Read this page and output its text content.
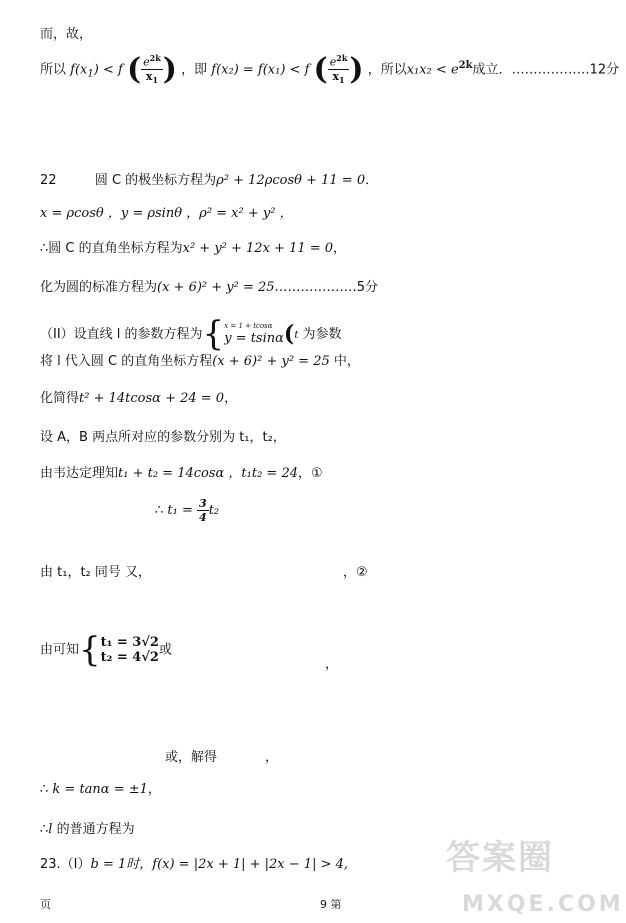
而，故，
所以 $f(x_1) < f$ ( $\frac{e^{2k}}{x_1}$ ) ，即 f(x₂) = f(x₁) < f ( $\frac{e^{2k}}{x_1}$ ) ，所以$x_1x_2 < e^{2k}$成立．………………12分
22	圆 C 的极坐标方程为ρ² + 12ρcosθ + 11 = 0．
x = ρcosθ ，y = ρsinθ ，ρ² = x² + y² ，
∴圆 C 的直角坐标方程为x² + y² + 12x + 11 = 0，
化为圆的标准方程为(x + 6)² + y² = 25.………………5分
（II）设直线 l 的参数方程为{ x = 1 + tcosα
y = tsinα (t 为参数
将 l 代入圆 C 的直角坐标方程(x + 6)² + y² = 25 中，
化简得t² + 14tcosα + 24 = 0，
设 A，B 两点所对应的参数分别为 t₁，t₂，
由韦达定理知t₁ + t₂ = 14cosα ，t₁t₂ = 24，①
∴ $t_1 = \frac{3}{4} t_2$
由 t₁，t₂ 同号 又，	，②
由可知{ t₁ = 3√2
t₂ = 4√2
或
，
或，解得	，
∴ k = tanα = ±1，
∴l 的普通方程为
23.（I）b = 1时，f(x) = |2x + 1| + |2x − 1| > 4,	答案圈
MXQE.COM
页	9 第
